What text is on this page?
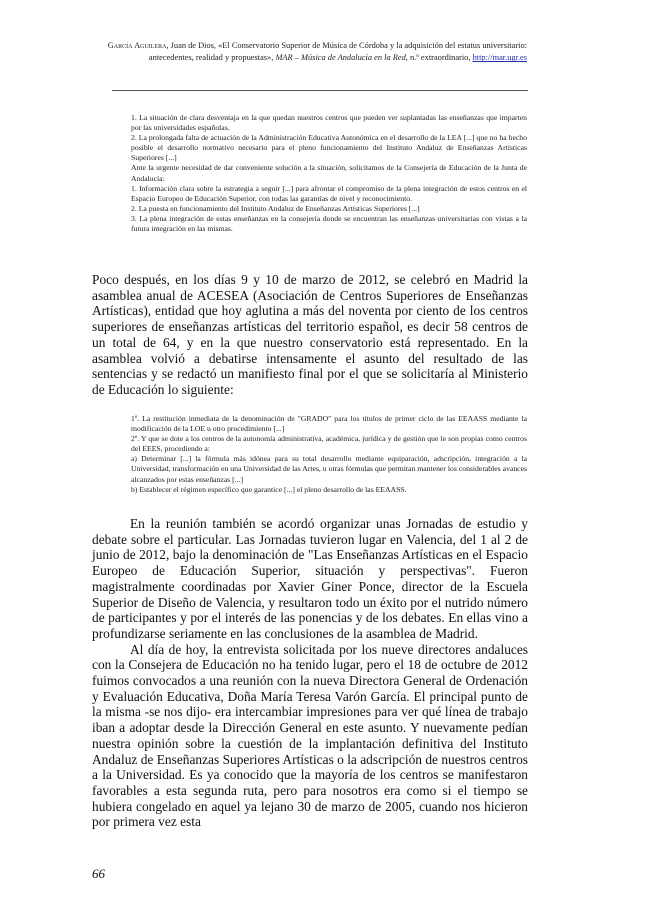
García Aguilera, Juan de Dios, «El Conservatorio Superior de Música de Córdoba y la adquisición del estatus universitario: antecedentes, realidad y propuestas», MAR – Música de Andalucía en la Red, n.º extraordinario, http://mar.ugr.es

1. La situación de clara desventaja en la que quedan nuestros centros que pueden ver suplantadas las enseñanzas que imparten por las universidades españolas.

2. La prolongada falta de actuación de la Administración Educativa Autonómica en el desarrollo de la LEA [...] que no ha hecho posible el desarrollo normativo necesario para el pleno funcionamiento del Instituto Andaluz de Enseñanzas Artísticas Superiores [...]

Ante la urgente necesidad de dar conveniente solución a la situación, solicitamos de la Consejería de Educación de la Junta de Andalucía:

1. Información clara sobre la estrategia a seguir [...] para afrontar el compromiso de la plena integración de estos centros en el Espacio Europeo de Educación Superior, con todas las garantías de nivel y reconocimiento.

2. La puesta en funcionamiento del Instituto Andaluz de Enseñanzas Artísticas Superiores [...]

3. La plena integración de estas enseñanzas en la consejería donde se encuentran las enseñanzas universitarias con vistas a la futura integración en las mismas.

Poco después, en los días 9 y 10 de marzo de 2012, se celebró en Madrid la asamblea anual de ACESEA (Asociación de Centros Superiores de Enseñanzas Artísticas), entidad que hoy aglutina a más del noventa por ciento de los centros superiores de enseñanzas artísticas del territorio español, es decir 58 centros de un total de 64, y en la que nuestro conservatorio está representado. En la asamblea volvió a debatirse intensamente el asunto del resultado de las sentencias y se redactó un manifiesto final por el que se solicitaría al Ministerio de Educación lo siguiente:

1º. La restitución inmediata de la denominación de "GRADO" para los títulos de primer ciclo de las EEAASS mediante la modificación de la LOE u otro procedimiento [...]

2º. Y que se dote a los centros de la autonomía administrativa, académica, jurídica y de gestión que le son propias como centros del EEES, procediendo a:

a) Determinar [...] la fórmula más idónea para su total desarrollo mediante equiparación, adscripción, integración a la Universidad, transformación en una Universidad de las Artes, u otras fórmulas que permitan mantener los considerables avances alcanzados por estas enseñanzas [...]

b) Establecer el régimen específico que garantice [...] el pleno desarrollo de las EEAASS.

En la reunión también se acordó organizar unas Jornadas de estudio y debate sobre el particular. Las Jornadas tuvieron lugar en Valencia, del 1 al 2 de junio de 2012, bajo la denominación de "Las Enseñanzas Artísticas en el Espacio Europeo de Educación Superior, situación y perspectivas". Fueron magistralmente coordinadas por Xavier Giner Ponce, director de la Escuela Superior de Diseño de Valencia, y resultaron todo un éxito por el nutrido número de participantes y por el interés de las ponencias y de los debates. En ellas vino a profundizarse seriamente en las conclusiones de la asamblea de Madrid.

Al día de hoy, la entrevista solicitada por los nueve directores andaluces con la Consejera de Educación no ha tenido lugar, pero el 18 de octubre de 2012 fuimos convocados a una reunión con la nueva Directora General de Ordenación y Evaluación Educativa, Doña María Teresa Varón García. El principal punto de la misma -se nos dijo- era intercambiar impresiones para ver qué línea de trabajo iban a adoptar desde la Dirección General en este asunto. Y nuevamente pedían nuestra opinión sobre la cuestión de la implantación definitiva del Instituto Andaluz de Enseñanzas Superiores Artísticas o la adscripción de nuestros centros a la Universidad. Es ya conocido que la mayoría de los centros se manifestaron favorables a esta segunda ruta, pero para nosotros era como si el tiempo se hubiera congelado en aquel ya lejano 30 de marzo de 2005, cuando nos hicieron por primera vez esta

66
